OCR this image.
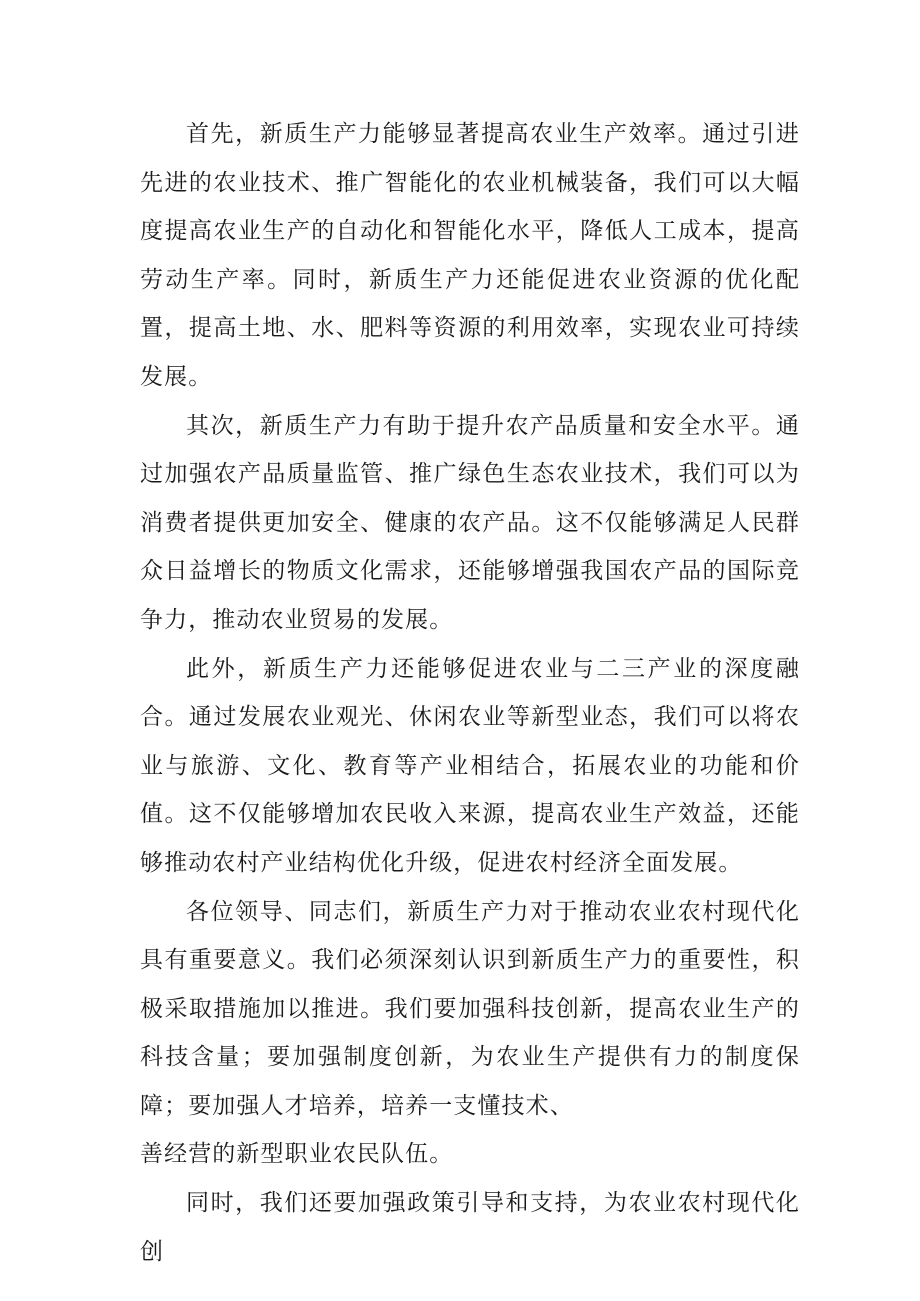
首先，新质生产力能够显著提高农业生产效率。通过引进先进的农业技术、推广智能化的农业机械装备，我们可以大幅度提高农业生产的自动化和智能化水平，降低人工成本，提高劳动生产率。同时，新质生产力还能促进农业资源的优化配置，提高土地、水、肥料等资源的利用效率，实现农业可持续发展。

其次，新质生产力有助于提升农产品质量和安全水平。通过加强农产品质量监管、推广绿色生态农业技术，我们可以为消费者提供更加安全、健康的农产品。这不仅能够满足人民群众日益增长的物质文化需求，还能够增强我国农产品的国际竞争力，推动农业贸易的发展。

此外，新质生产力还能够促进农业与二三产业的深度融合。通过发展农业观光、休闲农业等新型业态，我们可以将农业与旅游、文化、教育等产业相结合，拓展农业的功能和价值。这不仅能够增加农民收入来源，提高农业生产效益，还能够推动农村产业结构优化升级，促进农村经济全面发展。

各位领导、同志们，新质生产力对于推动农业农村现代化具有重要意义。我们必须深刻认识到新质生产力的重要性，积极采取措施加以推进。我们要加强科技创新，提高农业生产的科技含量；要加强制度创新，为农业生产提供有力的制度保障；要加强人才培养，培养一支懂技术、
善经营的新型职业农民队伍。

同时，我们还要加强政策引导和支持，为农业农村现代化创
